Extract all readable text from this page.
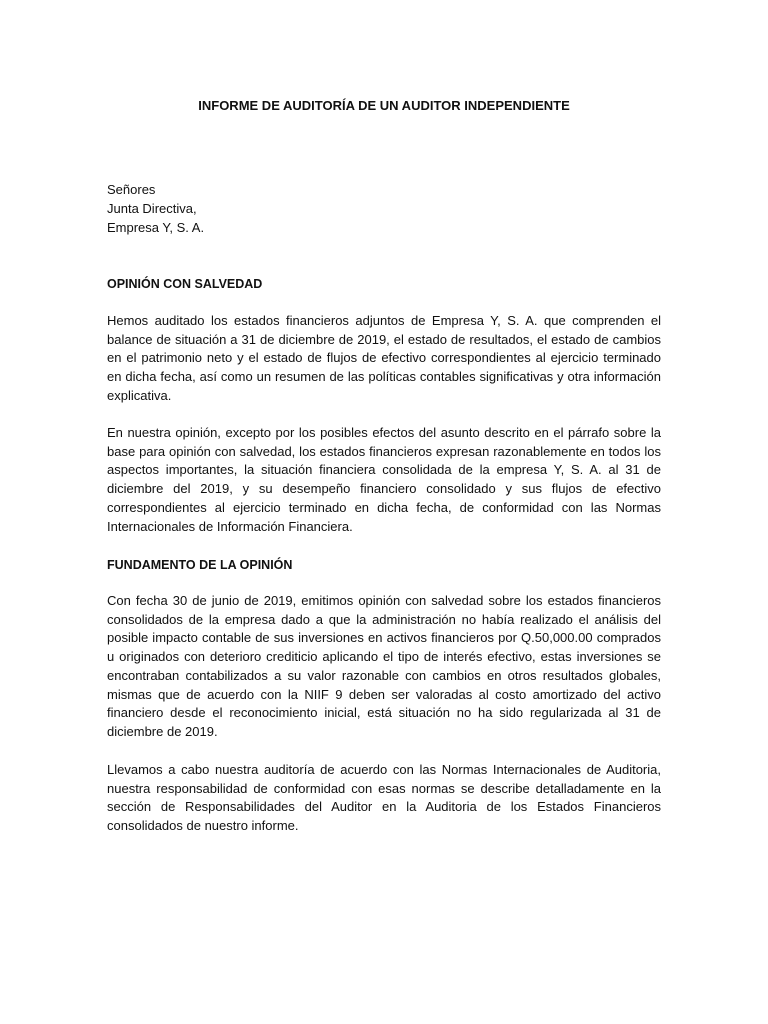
INFORME DE AUDITORÍA DE UN AUDITOR INDEPENDIENTE
Señores
Junta Directiva,
Empresa Y, S. A.
OPINIÓN CON SALVEDAD

Hemos auditado los estados financieros adjuntos de Empresa Y, S. A. que comprenden el balance de situación a 31 de diciembre de 2019, el estado de resultados, el estado de cambios en el patrimonio neto y el estado de flujos de efectivo correspondientes al ejercicio terminado en dicha fecha, así como un resumen de las políticas contables significativas y otra información explicativa.

En nuestra opinión, excepto por los posibles efectos del asunto descrito en el párrafo sobre la base para opinión con salvedad, los estados financieros expresan razonablemente en todos los aspectos importantes, la situación financiera consolidada de la empresa Y, S. A. al 31 de diciembre del 2019, y su desempeño financiero consolidado y sus flujos de efectivo correspondientes al ejercicio terminado en dicha fecha, de conformidad con las Normas Internacionales de Información Financiera.

FUNDAMENTO DE LA OPINIÓN

Con fecha 30 de junio de 2019, emitimos opinión con salvedad sobre los estados financieros consolidados de la empresa dado a que la administración no había realizado el análisis del posible impacto contable de sus inversiones en activos financieros por Q.50,000.00 comprados u originados con deterioro crediticio aplicando el tipo de interés efectivo, estas inversiones se encontraban contabilizados a su valor razonable con cambios en otros resultados globales, mismas que de acuerdo con la NIIF 9 deben ser valoradas al costo amortizado del activo financiero desde el reconocimiento inicial, está situación no ha sido regularizada al 31 de diciembre de 2019.

Llevamos a cabo nuestra auditoría de acuerdo con las Normas Internacionales de Auditoria, nuestra responsabilidad de conformidad con esas normas se describe detalladamente en la sección de Responsabilidades del Auditor en la Auditoria de los Estados Financieros consolidados de nuestro informe.
